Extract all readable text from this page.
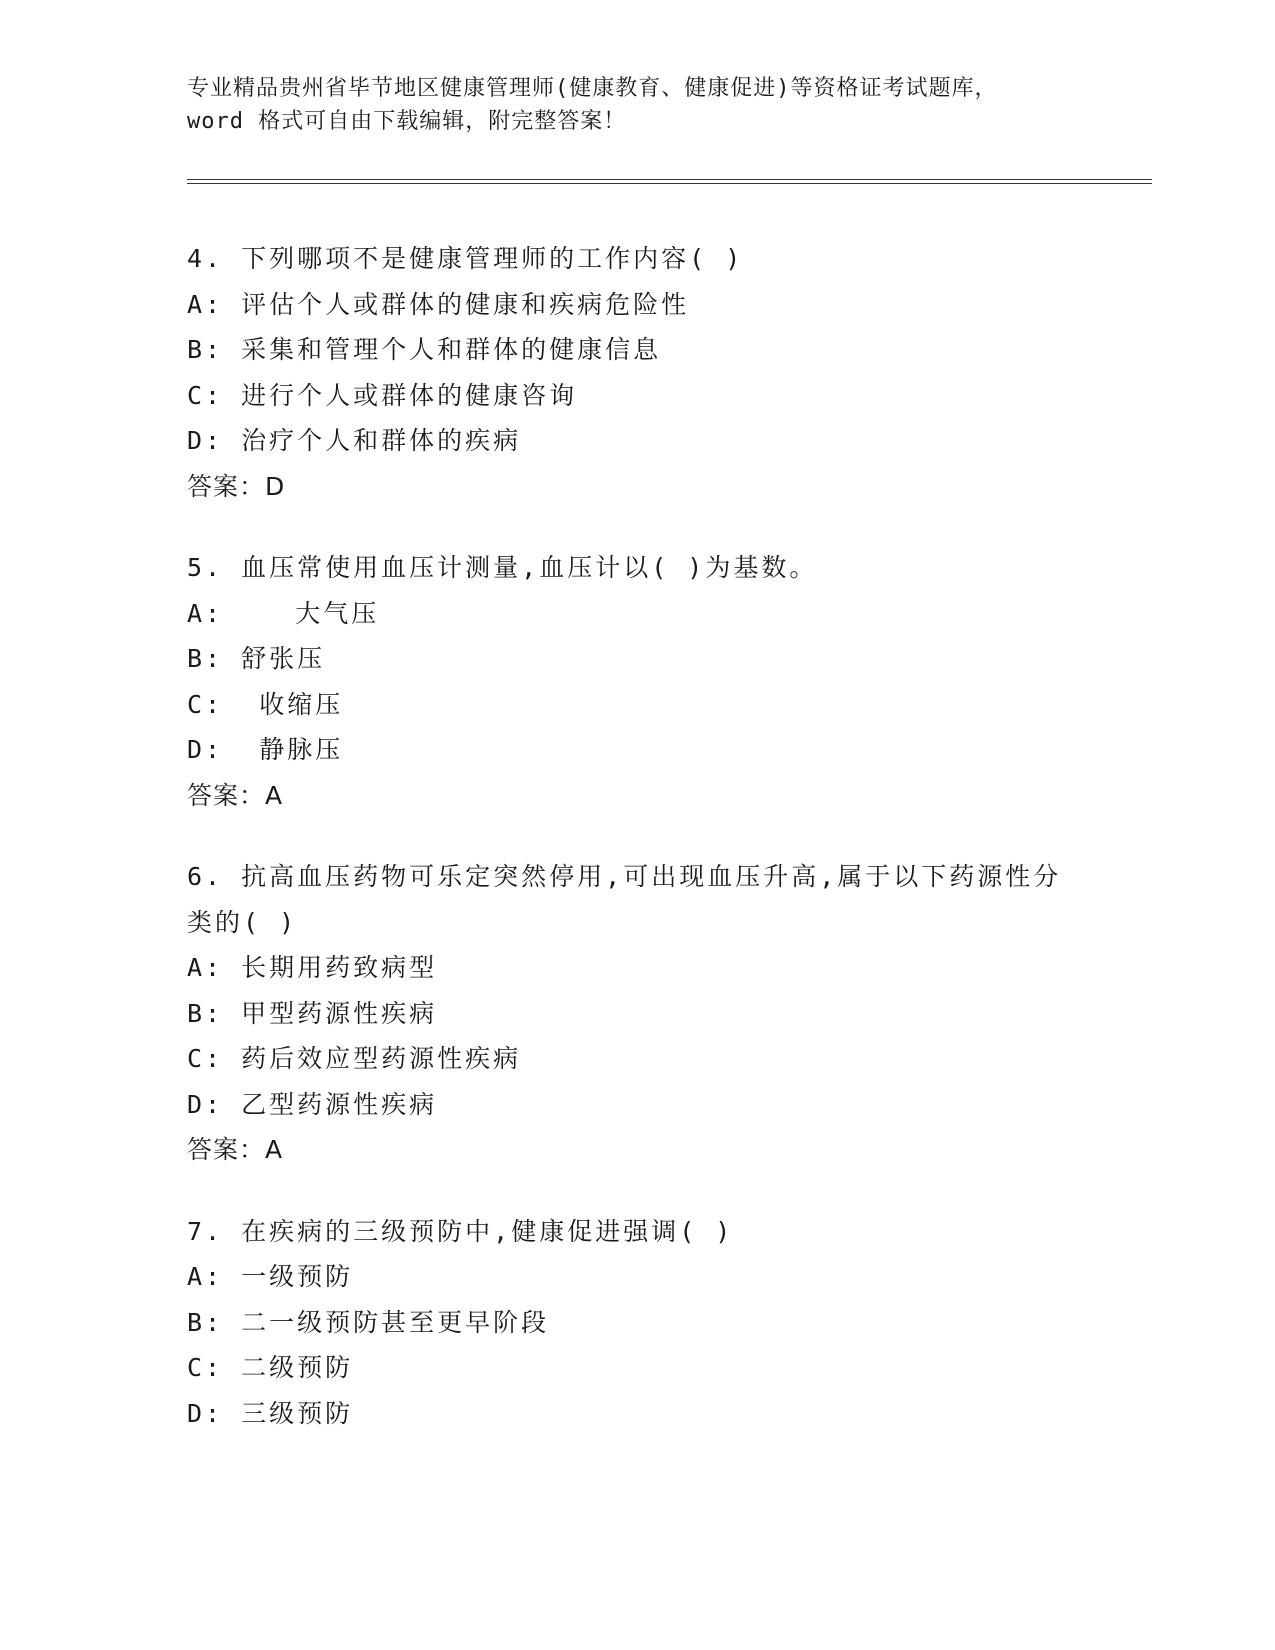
专业精品贵州省毕节地区健康管理师(健康教育、健康促进)等资格证考试题库，
word 格式可自由下载编辑，附完整答案！
4. 下列哪项不是健康管理师的工作内容( )
A: 评估个人或群体的健康和疾病危险性
B: 采集和管理个人和群体的健康信息
C: 进行个人或群体的健康咨询
D: 治疗个人和群体的疾病
答案：D
5. 血压常使用血压计测量,血压计以( )为基数。
A:    大气压
B: 舒张压
C:  收缩压
D:  静脉压
答案：A
6. 抗高血压药物可乐定突然停用,可出现血压升高,属于以下药源性分类的( )
A: 长期用药致病型
B: 甲型药源性疾病
C: 药后效应型药源性疾病
D: 乙型药源性疾病
答案：A
7. 在疾病的三级预防中,健康促进强调( )
A: 一级预防
B: 二一级预防甚至更早阶段
C: 二级预防
D: 三级预防
